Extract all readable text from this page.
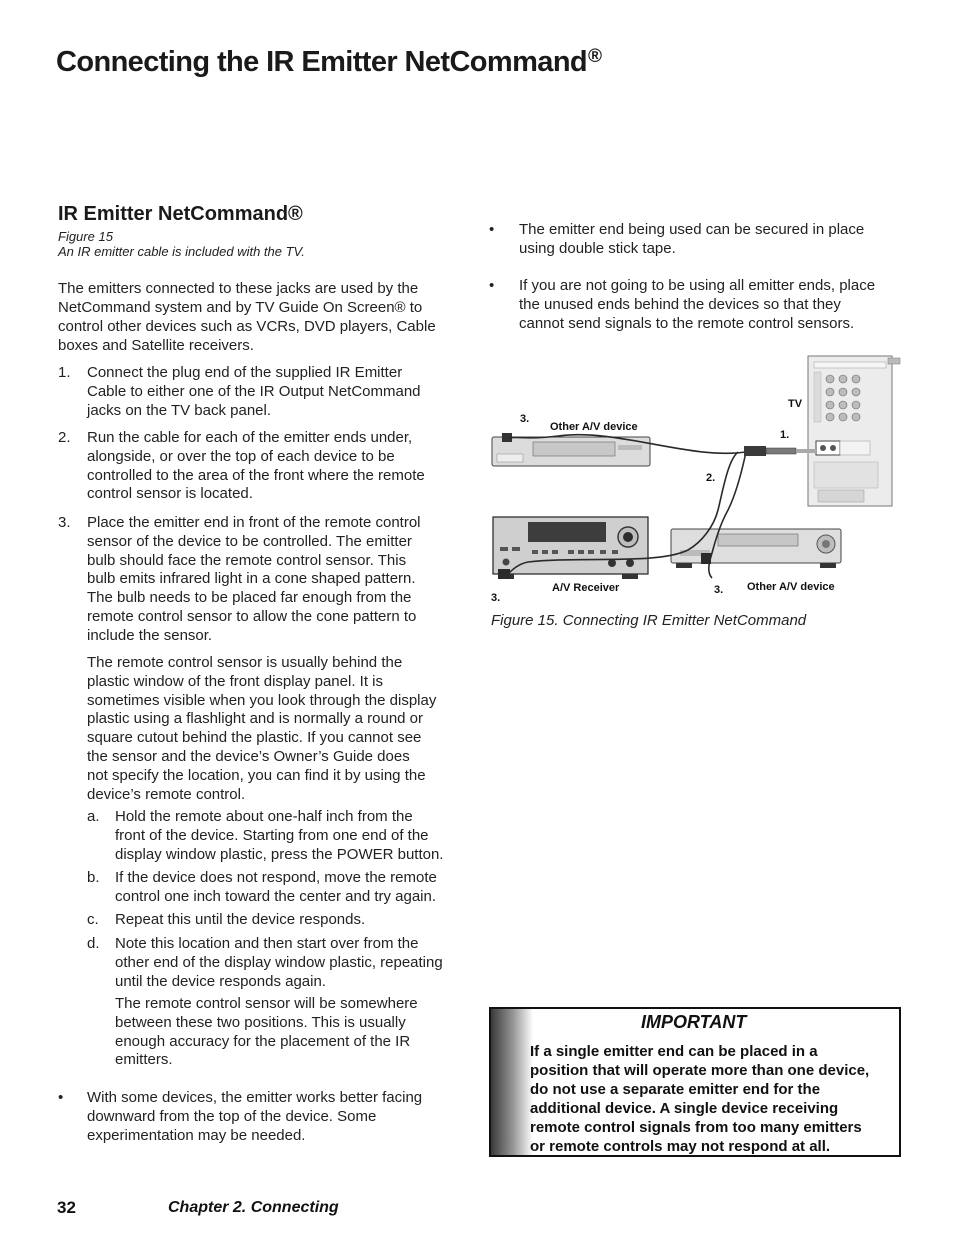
Connecting the IR Emitter NetCommand®
IR Emitter NetCommand®
Figure 15
An IR emitter cable is included with the TV.
The emitters connected to these jacks are used by the NetCommand system and by TV Guide On Screen® to control other devices such as VCRs, DVD players, Cable boxes and Satellite receivers.
1. Connect the plug end of the supplied IR Emitter
Cable to either one of the IR Output NetCommand
jacks on the TV back panel.
2. Run the cable for each of the emitter ends under,
alongside, or over the top of each device to be
controlled to the area of the front where the remote
control sensor is located.
3. Place the emitter end in front of the remote control
sensor of the device to be controlled. The emitter
bulb should face the remote control sensor. This
bulb emits infrared light in a cone shaped pattern.
The bulb needs to be placed far enough from the
remote control sensor to allow the cone pattern to
include the sensor.
The remote control sensor is usually behind the
plastic window of the front display panel. It is
sometimes visible when you look through the display
plastic using a flashlight and is normally a round or
square cutout behind the plastic. If you cannot see
the sensor and the device’s Owner’s Guide does
not specify the location, you can find it by using the
device’s remote control.
a. Hold the remote about one-half inch from the
front of the device. Starting from one end of the
display window plastic, press the POWER button.
b. If the device does not respond, move the remote
control one inch toward the center and try again.
c. Repeat this until the device responds.
d. Note this location and then start over from the
other end of the display window plastic, repeating
until the device responds again.
The remote control sensor will be somewhere
between these two positions. This is usually
enough accuracy for the placement of the IR
emitters.
• With some devices, the emitter works better facing
downward from the top of the device. Some
experimentation may be needed.
• The emitter end being used can be secured in place
using double stick tape.
• If you are not going to be using all emitter ends, place
the unused ends behind the devices so that they
cannot send signals to the remote control sensors.
TV
1.
2.
3.
Other A/V device
3.
A/V Receiver	3. Other A/V device
Figure 15. Connecting IR Emitter NetCommand
IMPORTANT
If a single emitter end can be placed in a
position that will operate more than one device,
do not use a separate emitter end for the
additional device. A single device receiving
remote control signals from too many emitters
or remote controls may not respond at all.
32	Chapter 2. Connecting
